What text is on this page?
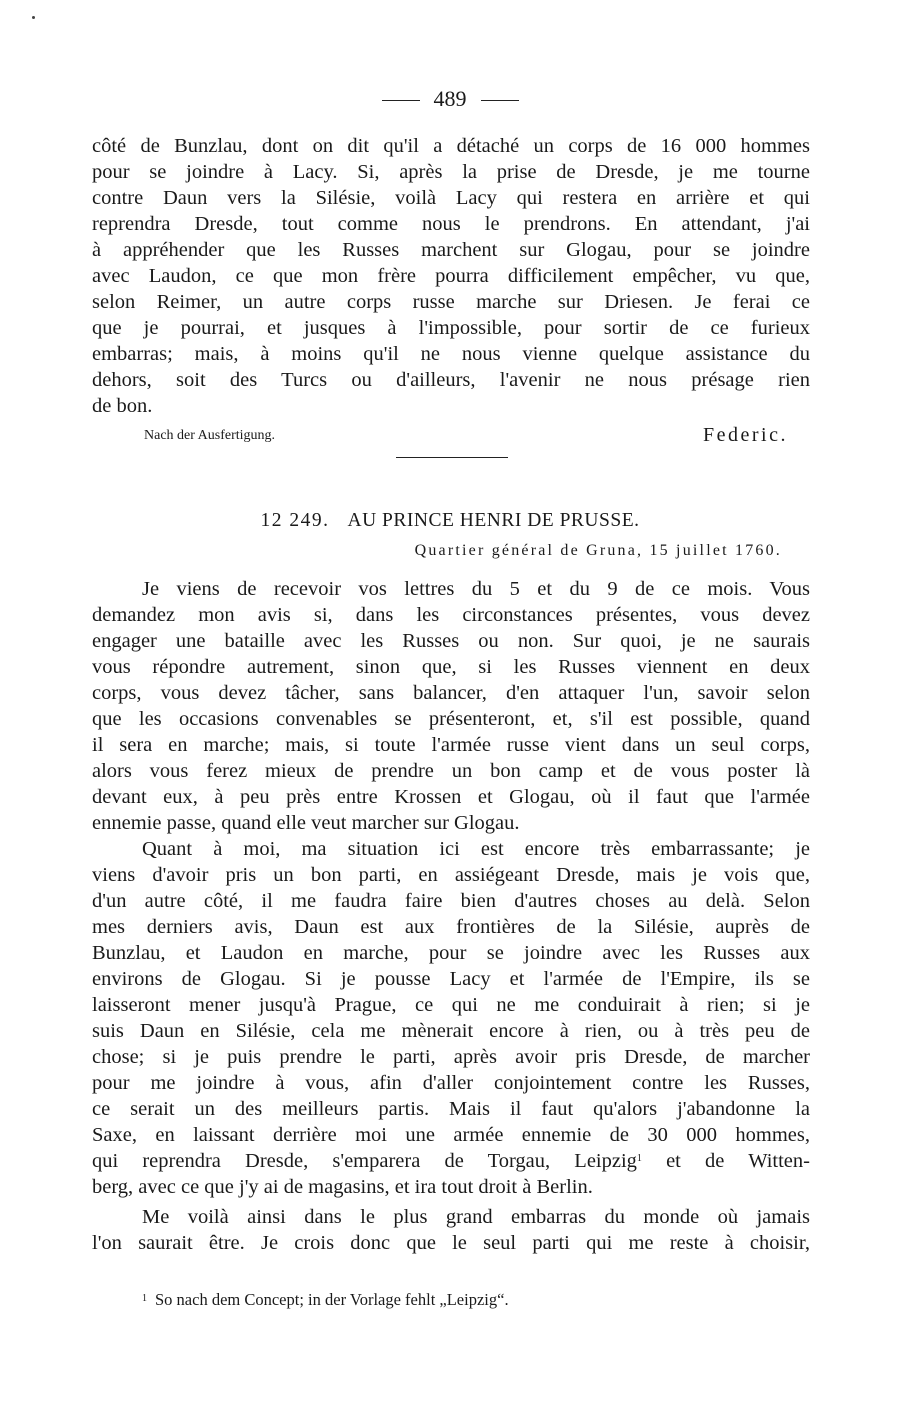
489
côté de Bunzlau, dont on dit qu'il a détaché un corps de 16 000 hommes
pour se joindre à Lacy. Si, après la prise de Dresde, je me tourne
contre Daun vers la Silésie, voilà Lacy qui restera en arrière et qui
reprendra Dresde, tout comme nous le prendrons. En attendant, j'ai
à appréhender que les Russes marchent sur Glogau, pour se joindre
avec Laudon, ce que mon frère pourra difficilement empêcher, vu que,
selon Reimer, un autre corps russe marche sur Driesen. Je ferai ce
que je pourrai, et jusques à l'impossible, pour sortir de ce furieux
embarras; mais, à moins qu'il ne nous vienne quelque assistance du
dehors, soit des Turcs ou d'ailleurs, l'avenir ne nous présage rien
de bon.
Nach der Ausfertigung.	Federic.
12 249. AU PRINCE HENRI DE PRUSSE.
Quartier général de Gruna, 15 juillet 1760.
Je viens de recevoir vos lettres du 5 et du 9 de ce mois. Vous
demandez mon avis si, dans les circonstances présentes, vous devez
engager une bataille avec les Russes ou non. Sur quoi, je ne saurais
vous répondre autrement, sinon que, si les Russes viennent en deux
corps, vous devez tâcher, sans balancer, d'en attaquer l'un, savoir selon
que les occasions convenables se présenteront, et, s'il est possible, quand
il sera en marche; mais, si toute l'armée russe vient dans un seul corps,
alors vous ferez mieux de prendre un bon camp et de vous poster là
devant eux, à peu près entre Krossen et Glogau, où il faut que l'armée
ennemie passe, quand elle veut marcher sur Glogau.
Quant à moi, ma situation ici est encore très embarrassante; je
viens d'avoir pris un bon parti, en assiégeant Dresde, mais je vois que,
d'un autre côté, il me faudra faire bien d'autres choses au delà. Selon
mes derniers avis, Daun est aux frontières de la Silésie, auprès de
Bunzlau, et Laudon en marche, pour se joindre avec les Russes aux
environs de Glogau. Si je pousse Lacy et l'armée de l'Empire, ils se
laisseront mener jusqu'à Prague, ce qui ne me conduirait à rien; si je
suis Daun en Silésie, cela me mènerait encore à rien, ou à très peu de
chose; si je puis prendre le parti, après avoir pris Dresde, de marcher
pour me joindre à vous, afin d'aller conjointement contre les Russes,
ce serait un des meilleurs partis. Mais il faut qu'alors j'abandonne la
Saxe, en laissant derrière moi une armée ennemie de 30 000 hommes,
qui reprendra Dresde, s'emparera de Torgau, Leipzig$^1$ et de Witten-
berg, avec ce que j'y ai de magasins, et ira tout droit à Berlin.
Me voilà ainsi dans le plus grand embarras du monde où jamais
l'on saurait être. Je crois donc que le seul parti qui me reste à choisir,
$^1$ So nach dem Concept; in der Vorlage fehlt „Leipzig“.
